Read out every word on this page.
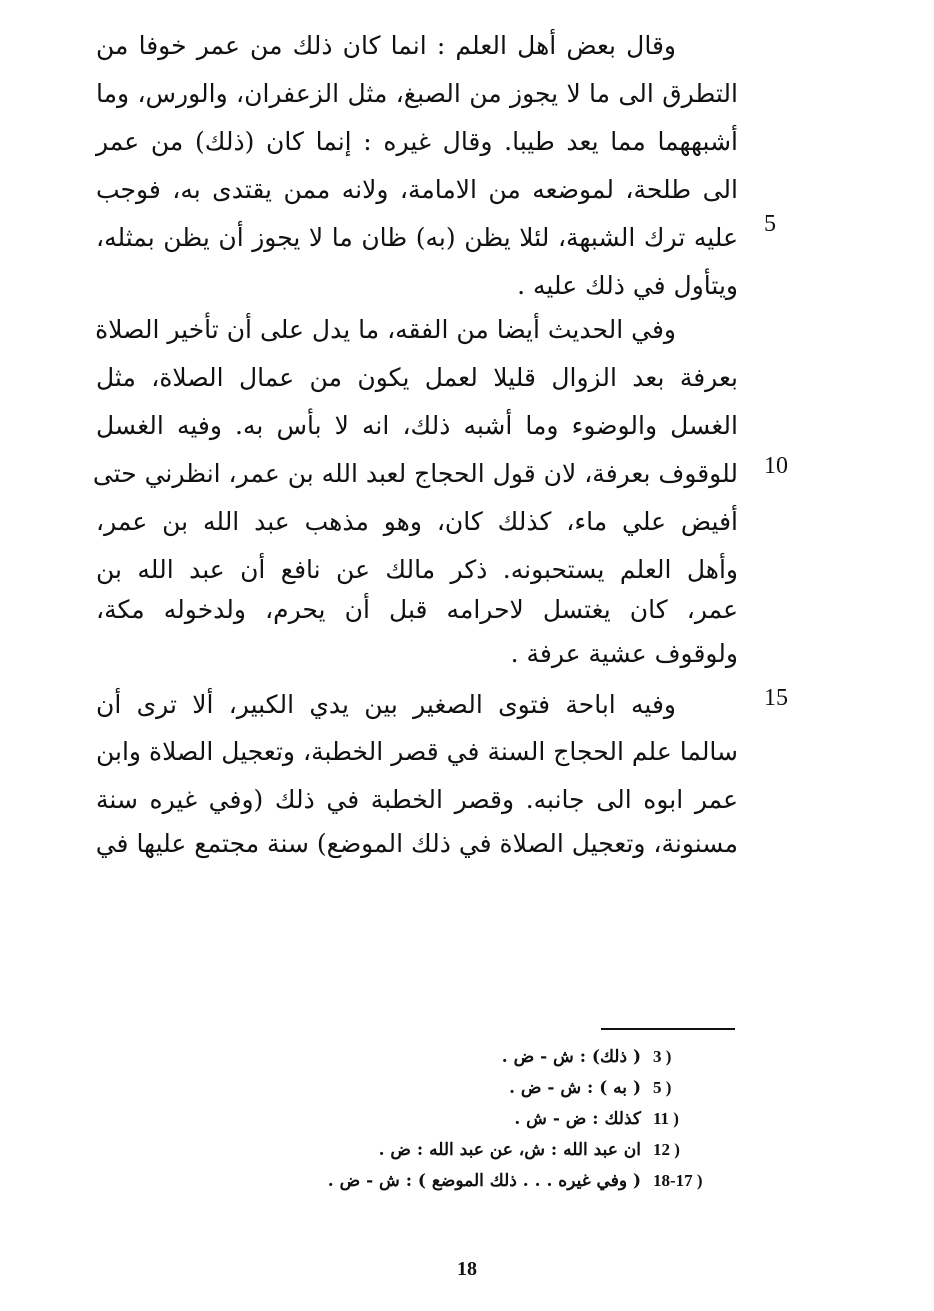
وقال بعض أهل العلم : انما كان ذلك من عمر خوفا من
التطرق الى ما لا يجوز من الصبغ، مثل الزعفران، والورس، وما
أشبههما مما يعد طيبا. وقال غيره : إنما كان (ذلك) من عمر
الى طلحة، لموضعه من الامامة، ولانه ممن يقتدى به، فوجب
عليه ترك الشبهة، لئلا يظن (به) ظان ما لا يجوز أن يظن بمثله،
ويتأول في ذلك عليه .
وفي الحديث أيضا من الفقه، ما يدل على أن تأخير الصلاة
بعرفة بعد الزوال قليلا لعمل يكون من عمال الصلاة، مثل
الغسل والوضوء وما أشبه ذلك، انه لا بأس به. وفيه الغسل
للوقوف بعرفة، لان قول الحجاج لعبد الله بن عمر، انظرني حتى
أفيض علي ماء، كذلك كان، وهو مذهب عبد الله بن عمر،
وأهل العلم يستحبونه. ذكر مالك عن نافع أن عبد الله بن
عمر، كان يغتسل لاحرامه قبل أن يحرم، ولدخوله مكة،
ولوقوف عشية عرفة .
وفيه اباحة فتوى الصغير بين يدي الكبير، ألا ترى أن
سالما علم الحجاج السنة في قصر الخطبة، وتعجيل الصلاة وابن
عمر ابوه الى جانبه. وقصر الخطبة في ذلك (وفي غيره سنة
مسنونة، وتعجيل الصلاة في ذلك الموضع) سنة مجتمع عليها في
5
10
15
3 )
( ذلك) : ش - ض .
5 )
( به ) : ش - ض .
11 )
كذلك : ض - ش .
12 )
ان عبد الله : ش، عن عبد الله : ض .
18-17 )
( وفي غيره . . . ذلك الموضع ) : ش - ض .
18
